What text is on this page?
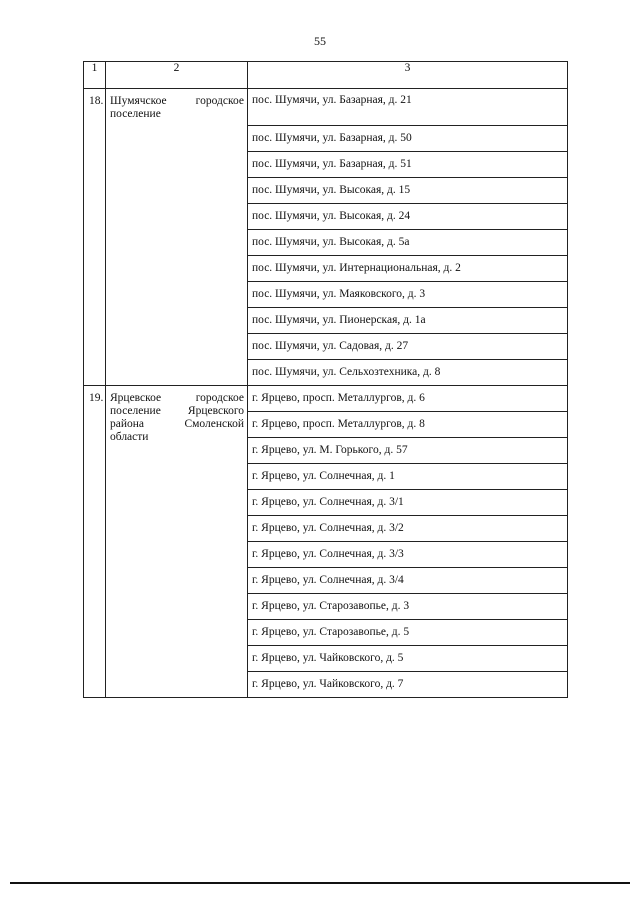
55
1	2	3
18.	Шумячское городское поселение	пос. Шумячи, ул. Базарная, д. 21
		пос. Шумячи, ул. Базарная, д. 50
		пос. Шумячи, ул. Базарная, д. 51
		пос. Шумячи, ул. Высокая, д. 15
		пос. Шумячи, ул. Высокая, д. 24
		пос. Шумячи, ул. Высокая, д. 5а
		пос. Шумячи, ул. Интернациональная, д. 2
		пос. Шумячи, ул. Маяковского, д. 3
		пос. Шумячи, ул. Пионерская, д. 1а
		пос. Шумячи, ул. Садовая, д. 27
		пос. Шумячи, ул. Сельхозтехника, д. 8
19.	Ярцевское городское поселение Ярцевского района Смоленской области	г. Ярцево, просп. Металлургов, д. 6
		г. Ярцево, просп. Металлургов, д. 8
		г. Ярцево, ул. М. Горького, д. 57
		г. Ярцево, ул. Солнечная, д. 1
		г. Ярцево, ул. Солнечная, д. 3/1
		г. Ярцево, ул. Солнечная, д. 3/2
		г. Ярцево, ул. Солнечная, д. 3/3
		г. Ярцево, ул. Солнечная, д. 3/4
		г. Ярцево, ул. Старозавопье, д. 3
		г. Ярцево, ул. Старозавопье, д. 5
		г. Ярцево, ул. Чайковского, д. 5
		г. Ярцево, ул. Чайковского, д. 7
